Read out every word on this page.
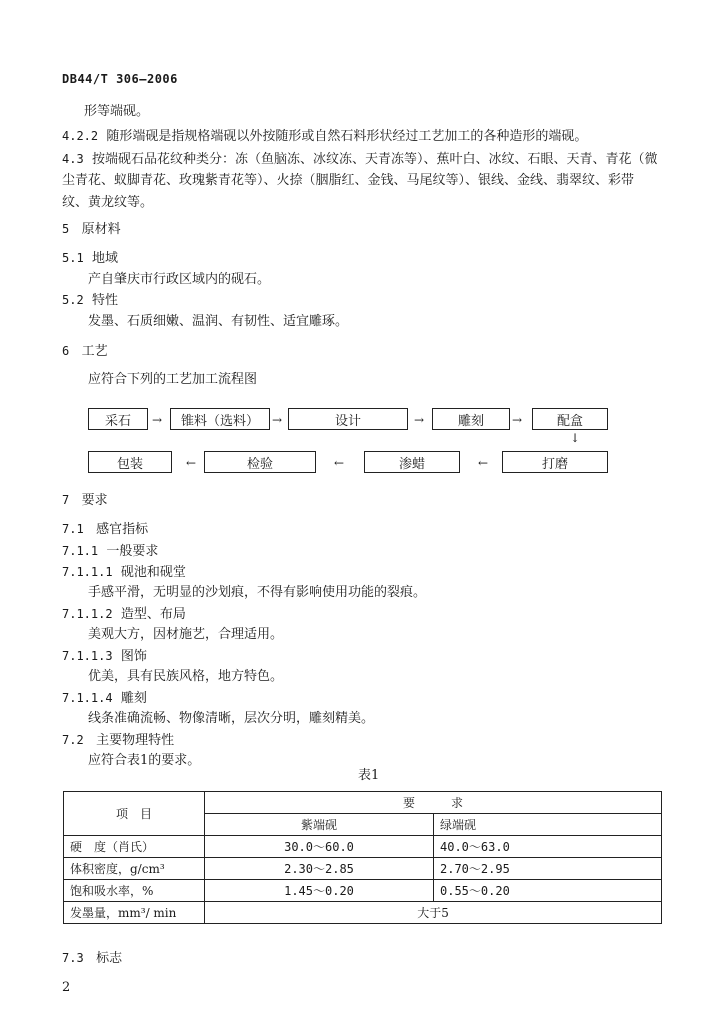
DB44/T 306—2006
形等端砚。
4.2.2 随形端砚是指规格端砚以外按随形或自然石料形状经过工艺加工的各种造形的端砚。
4.3 按端砚石品花纹种类分：冻（鱼脑冻、冰纹冻、天青冻等）、蕉叶白、冰纹、石眼、天青、青花（微
尘青花、蚁脚青花、玫瑰紫青花等）、火捺（胭脂红、金钱、马尾纹等）、银线、金线、翡翠纹、彩带
纹、黄龙纹等。
5 原材料
5.1 地域
产自肇庆市行政区域内的砚石。
5.2 特性
发墨、石质细嫩、温润、有韧性、适宜雕琢。
6 工艺
应符合下列的工艺加工流程图
采石	→	锥料（选料）	→	设计	→	雕刻	→	配盒
↓
包装	←	检验	←	渗蜡	←	打磨
7 要求
7.1 感官指标
7.1.1 一般要求
7.1.1.1 砚池和砚堂
手感平滑，无明显的沙划痕，不得有影响使用功能的裂痕。
7.1.1.2 造型、布局
美观大方，因材施艺，合理适用。
7.1.1.3 图饰
优美，具有民族风格，地方特色。
7.1.1.4 雕刻
线条准确流畅、物像清晰，层次分明，雕刻精美。
7.2 主要物理特性
应符合表1的要求。
表1
项　目	要　　　求	
	紫端砚	绿端砚
硬　度（肖氏）	30.0～60.0	40.0～63.0
体积密度，g/cm³	2.30～2.85	2.70～2.95
饱和吸水率，%	1.45～0.20	0.55～0.20
发墨量，mm³/ min	大于5	
7.3 标志
2
